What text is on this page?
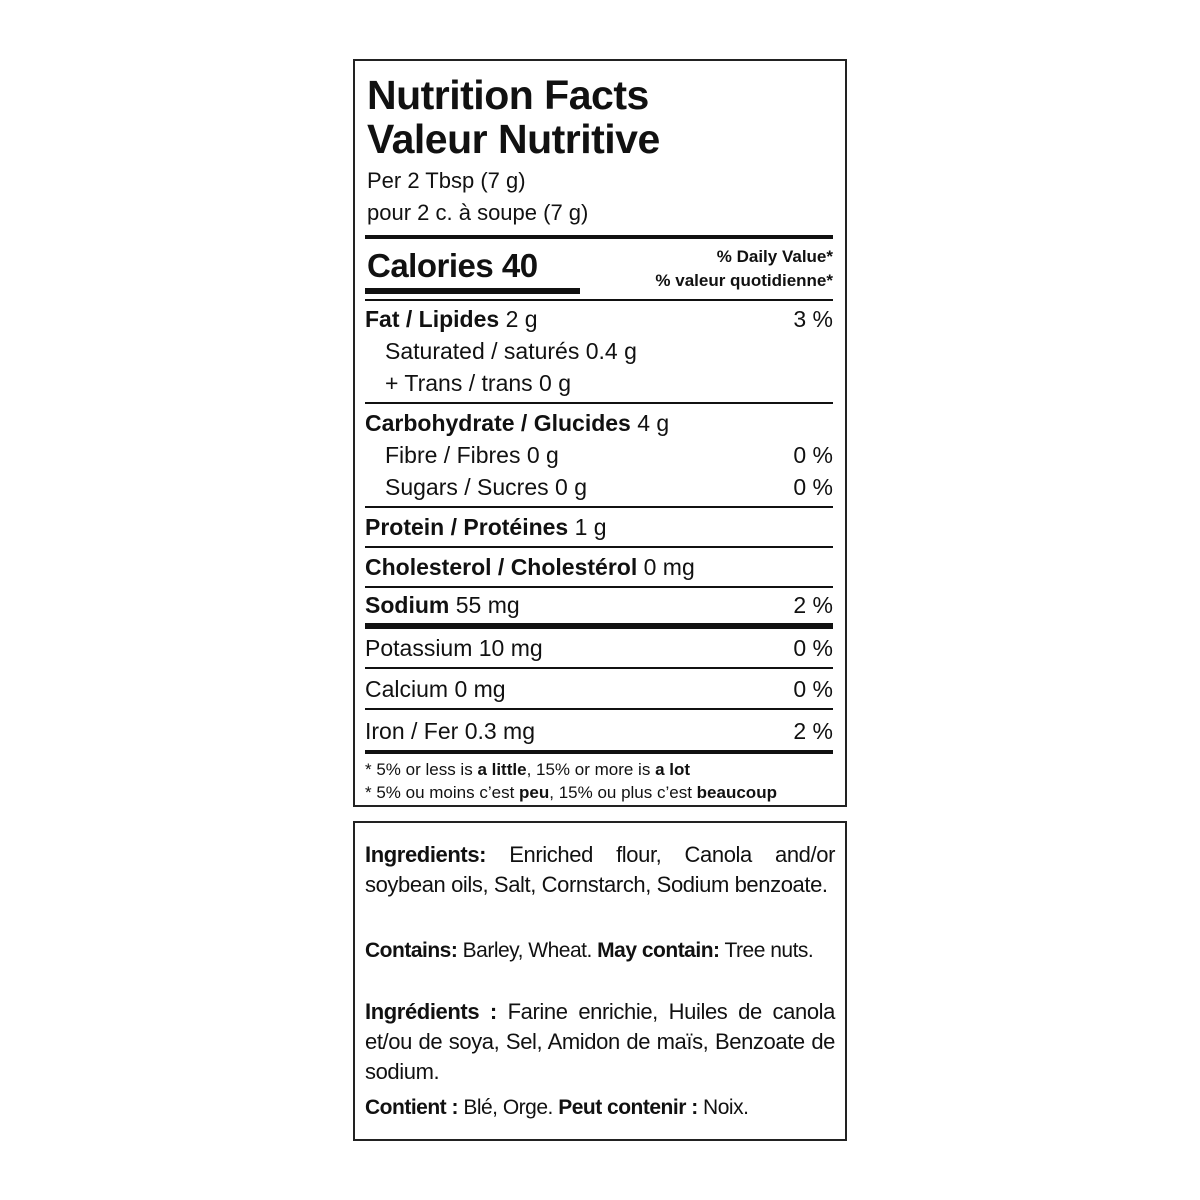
Nutrition Facts
Valeur Nutritive
Per 2 Tbsp (7 g)
pour 2 c. à soupe (7 g)
Calories 40	% Daily Value*
% valeur quotidienne*
Fat / Lipides 2 g	3 %
Saturated / saturés 0.4 g
+ Trans / trans 0 g
Carbohydrate / Glucides 4 g
Fibre / Fibres 0 g	0 %
Sugars / Sucres 0 g	0 %
Protein / Protéines 1 g
Cholesterol / Cholestérol 0 mg
Sodium 55 mg	2 %
Potassium 10 mg	0 %
Calcium 0 mg	0 %
Iron / Fer 0.3 mg	2 %
* 5% or less is a little, 15% or more is a lot
* 5% ou moins c’est peu, 15% ou plus c’est beaucoup
Ingredients: Enriched flour, Canola and/or soybean oils, Salt, Cornstarch, Sodium benzoate.
Contains: Barley, Wheat. May contain: Tree nuts.
Ingrédients : Farine enrichie, Huiles de canola et/ou de soya, Sel, Amidon de maïs, Benzoate de sodium.
Contient : Blé, Orge. Peut contenir : Noix.
